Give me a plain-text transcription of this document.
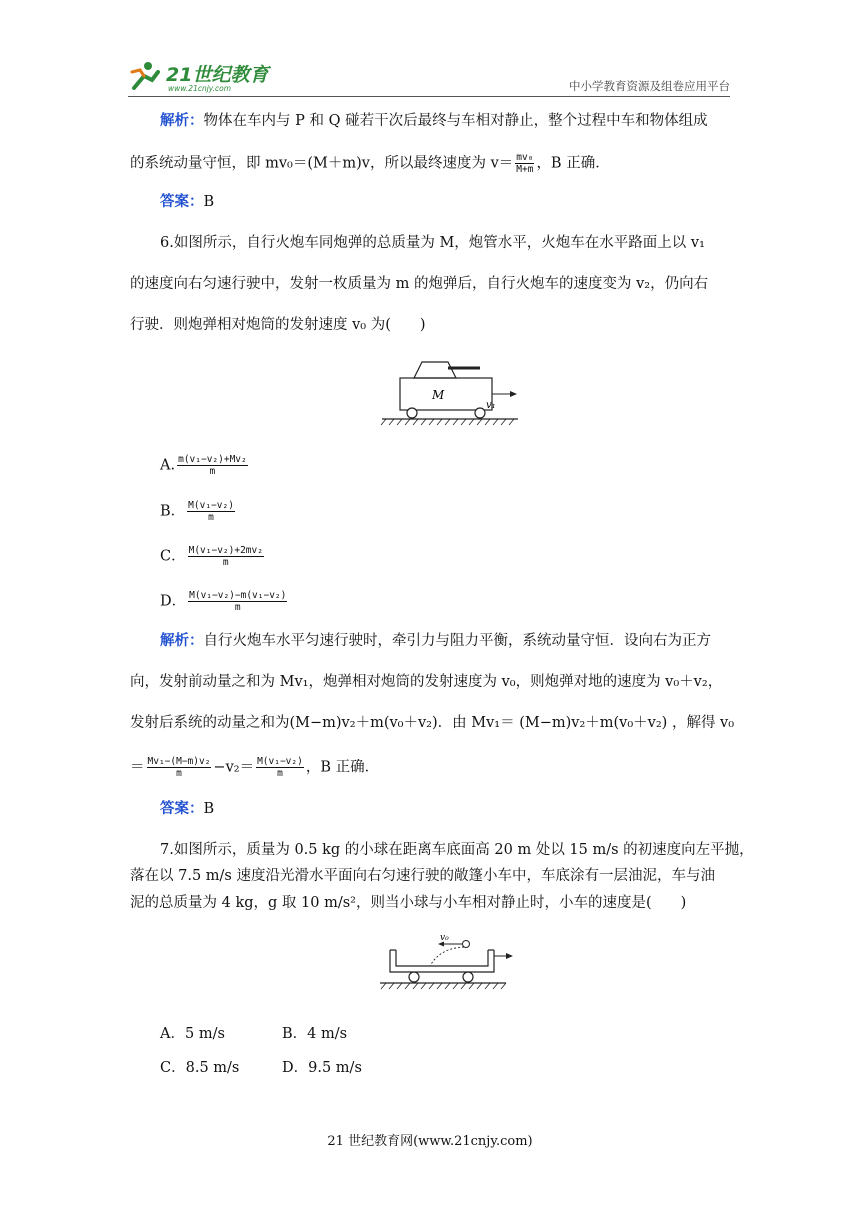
21世纪教育
www.21cnjy.com	中小学教育资源及组卷应用平台
解析：物体在车内与 P 和 Q 碰若干次后最终与车相对静止，整个过程中车和物体组成
的系统动量守恒，即 mv₀＝(M＋m)v，所以最终速度为 $v= \frac{\text{mv₀}}{M+m}$ ，B 正确．
答案：B
6.如图所示，自行火炮车同炮弹的总质量为 M，炮管水平，火炮车在水平路面上以 v₁
的速度向右匀速行驶中，发射一枚质量为 m 的炮弹后，自行火炮车的速度变为 v₂，仍向右
行驶．则炮弹相对炮筒的发射速度 v₀ 为(　　)
M
v₁
A. $\frac{\text{m(v₁−v₂)+Mv₂}}{m}$
B． $\frac{\text{M(v₁−v₂)}}{m}$
C． $\frac{\text{M(v₁−v₂)+2mv₂}}{m}$
D． $\frac{\text{M(v₁−v₂)−m(v₁−v₂)}}{m}$
解析：自行火炮车水平匀速行驶时，牵引力与阻力平衡，系统动量守恒．设向右为正方
向，发射前动量之和为 Mv₁，炮弹相对炮筒的发射速度为 v₀，则炮弹对地的速度为 v₀＋v₂，
发射后系统的动量之和为(M−m)v₂＋m(v₀＋v₂)．由 Mv₁＝ (M−m)v₂＋m(v₀＋v₂) ，解得 v₀
＝ $\frac{\text{Mv₁−(M−m)v₂}}{m} -v_2= \frac{\text{M(v₁−v₂)}}{m}$ ，B 正确．
答案：B
7.如图所示，质量为 0.5 kg 的小球在距离车底面高 20 m 处以 15 m/s 的初速度向左平抛，
落在以 7.5 m/s 速度沿光滑水平面向右匀速行驶的敞篷小车中，车底涂有一层油泥，车与油
泥的总质量为 4 kg，g 取 10 m/s²，则当小球与小车相对静止时，小车的速度是(　　)
v₀
A．5 m/s	B．4 m/s
C．8.5 m/s	D．9.5 m/s
21 世纪教育网(www.21cnjy.com)
